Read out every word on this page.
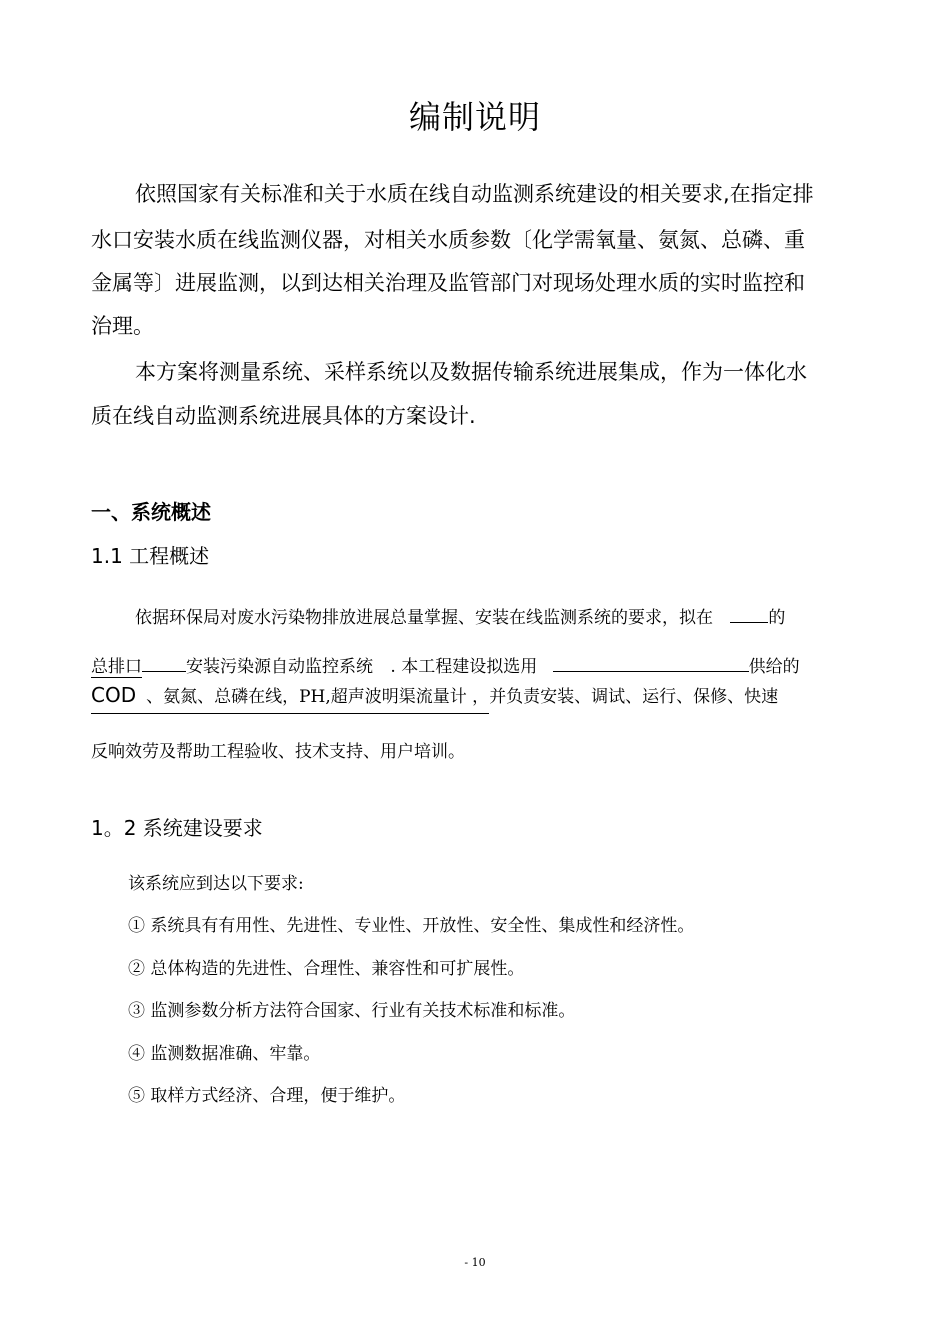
编制说明
依照国家有关标准和关于水质在线自动监测系统建设的相关要求,在指定排
水口安装水质在线监测仪器，对相关水质参数〔化学需氧量、氨氮、总磷、重
金属等〕进展监测，以到达相关治理及监管部门对现场处理水质的实时监控和
治理。
本方案将测量系统、采样系统以及数据传输系统进展集成，作为一体化水
质在线自动监测系统进展具体的方案设计.
一、系统概述
1.1 工程概述
依据环保局对废水污染物排放进展总量掌握、安装在线监测系统的要求，拟在	的
总排口	安装污染源自动监控系统 . 本工程建设拟选用	供给的
COD 、氨氮、总磷在线，PH,超声波明渠流量计 ，并负责安装、调试、运行、保修、快速
反响效劳及帮助工程验收、技术支持、用户培训。
1。2 系统建设要求
该系统应到达以下要求:
① 系统具有有用性、先进性、专业性、开放性、安全性、集成性和经济性。
② 总体构造的先进性、合理性、兼容性和可扩展性。
③ 监测参数分析方法符合国家、行业有关技术标准和标准。
④ 监测数据准确、牢靠。
⑤ 取样方式经济、合理，便于维护。
- 10
